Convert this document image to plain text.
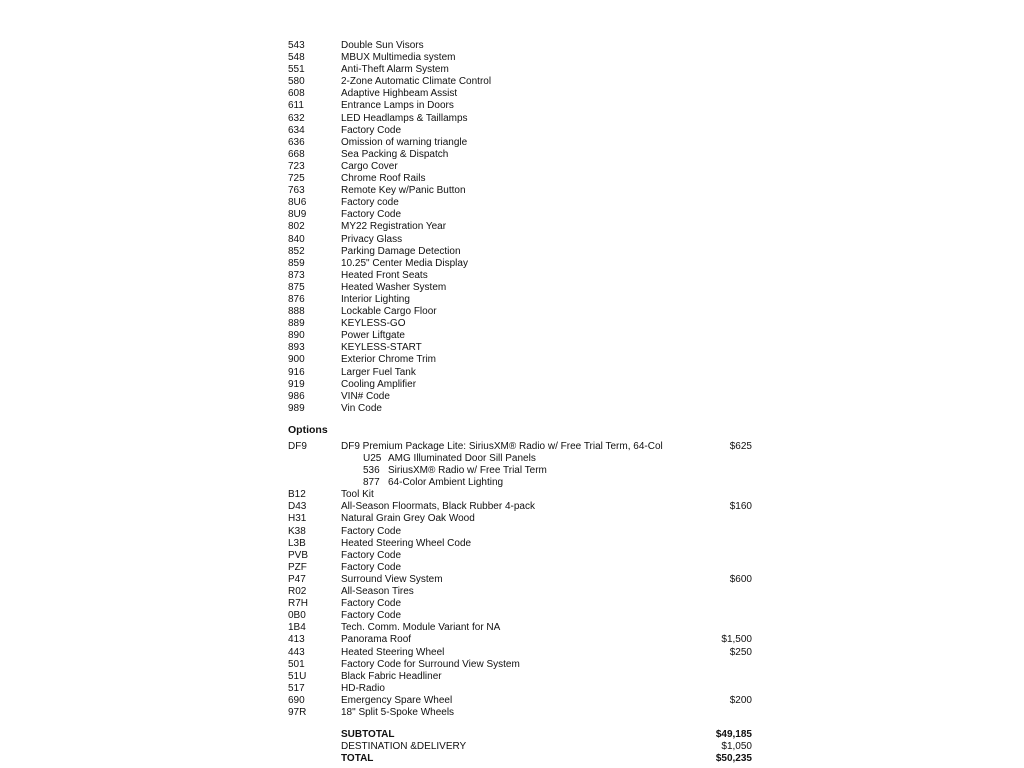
543	Double Sun Visors
548	MBUX Multimedia system
551	Anti-Theft Alarm System
580	2-Zone Automatic Climate Control
608	Adaptive Highbeam Assist
611	Entrance Lamps in Doors
632	LED Headlamps & Taillamps
634	Factory Code
636	Omission of warning triangle
668	Sea Packing & Dispatch
723	Cargo Cover
725	Chrome Roof Rails
763	Remote Key w/Panic Button
8U6	Factory code
8U9	Factory Code
802	MY22 Registration Year
840	Privacy Glass
852	Parking Damage Detection
859	10.25" Center Media Display
873	Heated Front Seats
875	Heated Washer System
876	Interior Lighting
888	Lockable Cargo Floor
889	KEYLESS-GO
890	Power Liftgate
893	KEYLESS-START
900	Exterior Chrome Trim
916	Larger Fuel Tank
919	Cooling Amplifier
986	VIN# Code
989	Vin Code
Options
DF9	DF9 Premium Package Lite: SiriusXM® Radio w/ Free Trial Term, 64-Col	$625
U25 AMG Illuminated Door Sill Panels
536 SiriusXM® Radio w/ Free Trial Term
877 64-Color Ambient Lighting
B12	Tool Kit
D43	All-Season Floormats, Black Rubber 4-pack	$160
H31	Natural Grain Grey Oak Wood
K38	Factory Code
L3B	Heated Steering Wheel Code
PVB	Factory Code
PZF	Factory Code
P47	Surround View System	$600
R02	All-Season Tires
R7H	Factory Code
0B0	Factory Code
1B4	Tech. Comm. Module Variant for NA
413	Panorama Roof	$1,500
443	Heated Steering Wheel	$250
501	Factory Code for Surround View System
51U	Black Fabric Headliner
517	HD-Radio
690	Emergency Spare Wheel	$200
97R	18" Split 5-Spoke Wheels
SUBTOTAL	$49,185
DESTINATION &DELIVERY	$1,050
TOTAL	$50,235
